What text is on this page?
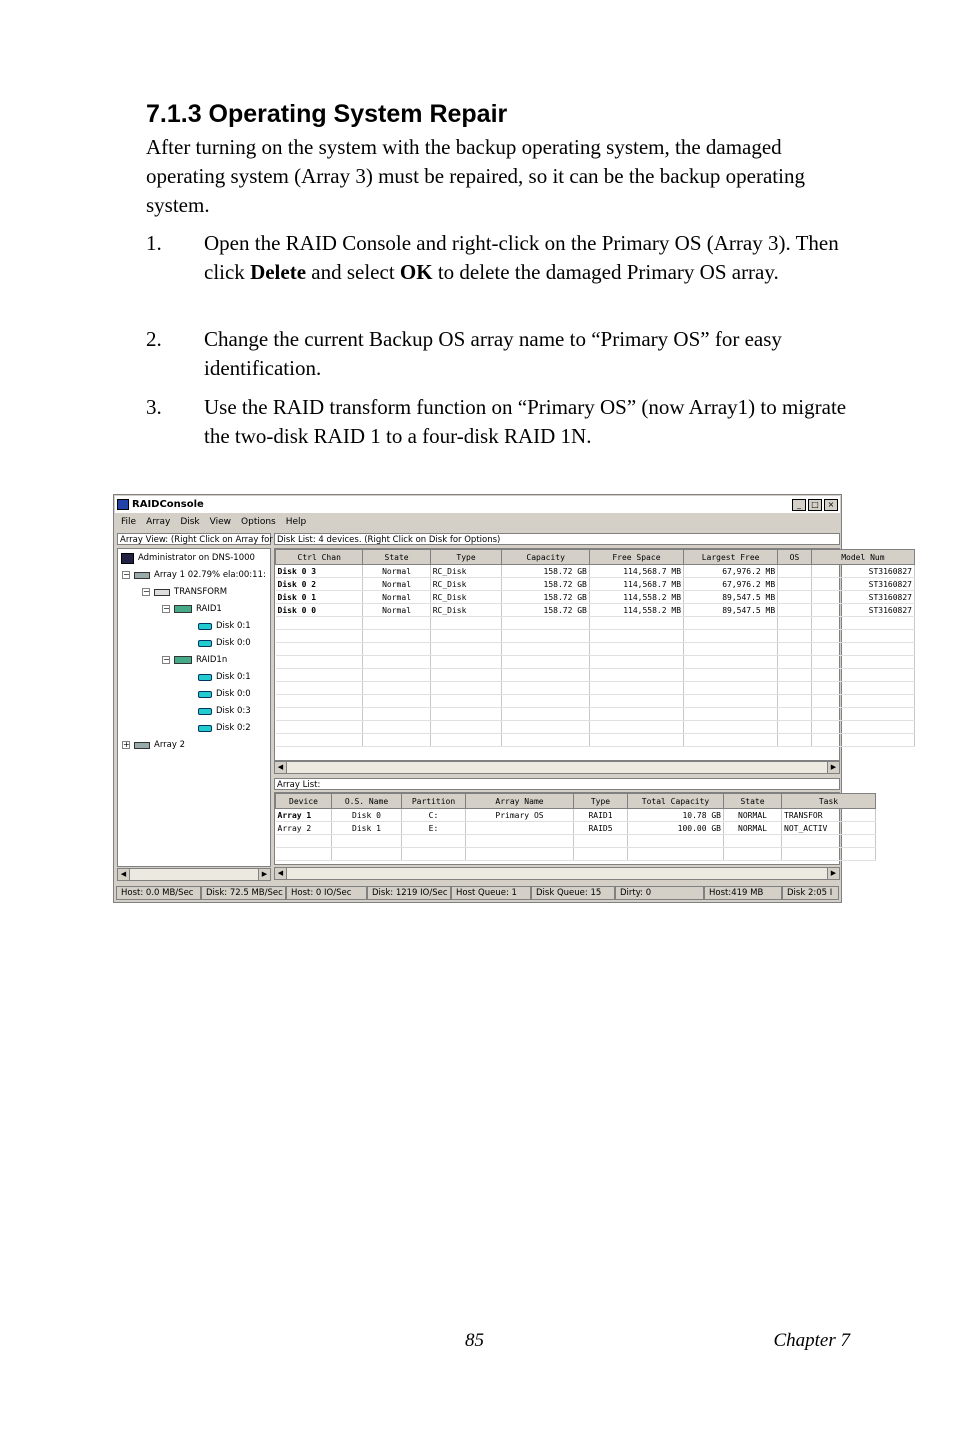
7.1.3 Operating System Repair
After turning on the system with the backup operating system, the damaged operating system (Array 3) must be repaired, so it can be the backup operating system.
1.	Open the RAID Console and right-click on the Primary OS (Array 3). Then click Delete and select OK to delete the damaged Primary OS array.
2.	Change the current Backup OS array name to “Primary OS” for easy identification.
3.	Use the RAID transform function on “Primary OS” (now Array1) to migrate the two-disk RAID 1 to a four-disk RAID 1N.
RAIDConsole	_	□	×
File	Array	Disk	View	Options	Help
Array View: (Right Click on Array for Disk List: 4 devices. (Right Click on Disk for Options)
Administrator on DNS-1000
−	Array 1 02.79% ela:00:11:
−	TRANSFORM
−	RAID1
Disk 0:1
Disk 0:0
−	RAID1n
Disk 0:1
Disk 0:0
Disk 0:3
Disk 0:2
+	Array 2
◀	▶
Ctrl Chan	State	Type	Capacity	Free Space	Largest Free	OS	Model Num
Disk 0 3	Normal	RC_Disk	158.72 GB	114,568.7 MB	67,976.2 MB		ST3160827
Disk 0 2	Normal	RC_Disk	158.72 GB	114,568.7 MB	67,976.2 MB		ST3160827
Disk 0 1	Normal	RC_Disk	158.72 GB	114,558.2 MB	89,547.5 MB		ST3160827
Disk 0 0	Normal	RC_Disk	158.72 GB	114,558.2 MB	89,547.5 MB		ST3160827

◀	▶
Array List:
Device	O.S. Name	Partition	Array Name	Type	Total Capacity	State	Task
Array 1	Disk 0	C:	Primary OS	RAID1	10.78 GB	NORMAL	TRANSFOR
Array 2	Disk 1	E:		RAID5	100.00 GB	NORMAL	NOT_ACTIV

◀	▶
Host: 0.0 MB/Sec	Disk: 72.5 MB/Sec Host: 0 IO/Sec	Disk: 1219 IO/Sec Host Queue: 1	Disk Queue: 15	Dirty: 0	Host:419 MB	Disk 2:05 I
85	Chapter 7
